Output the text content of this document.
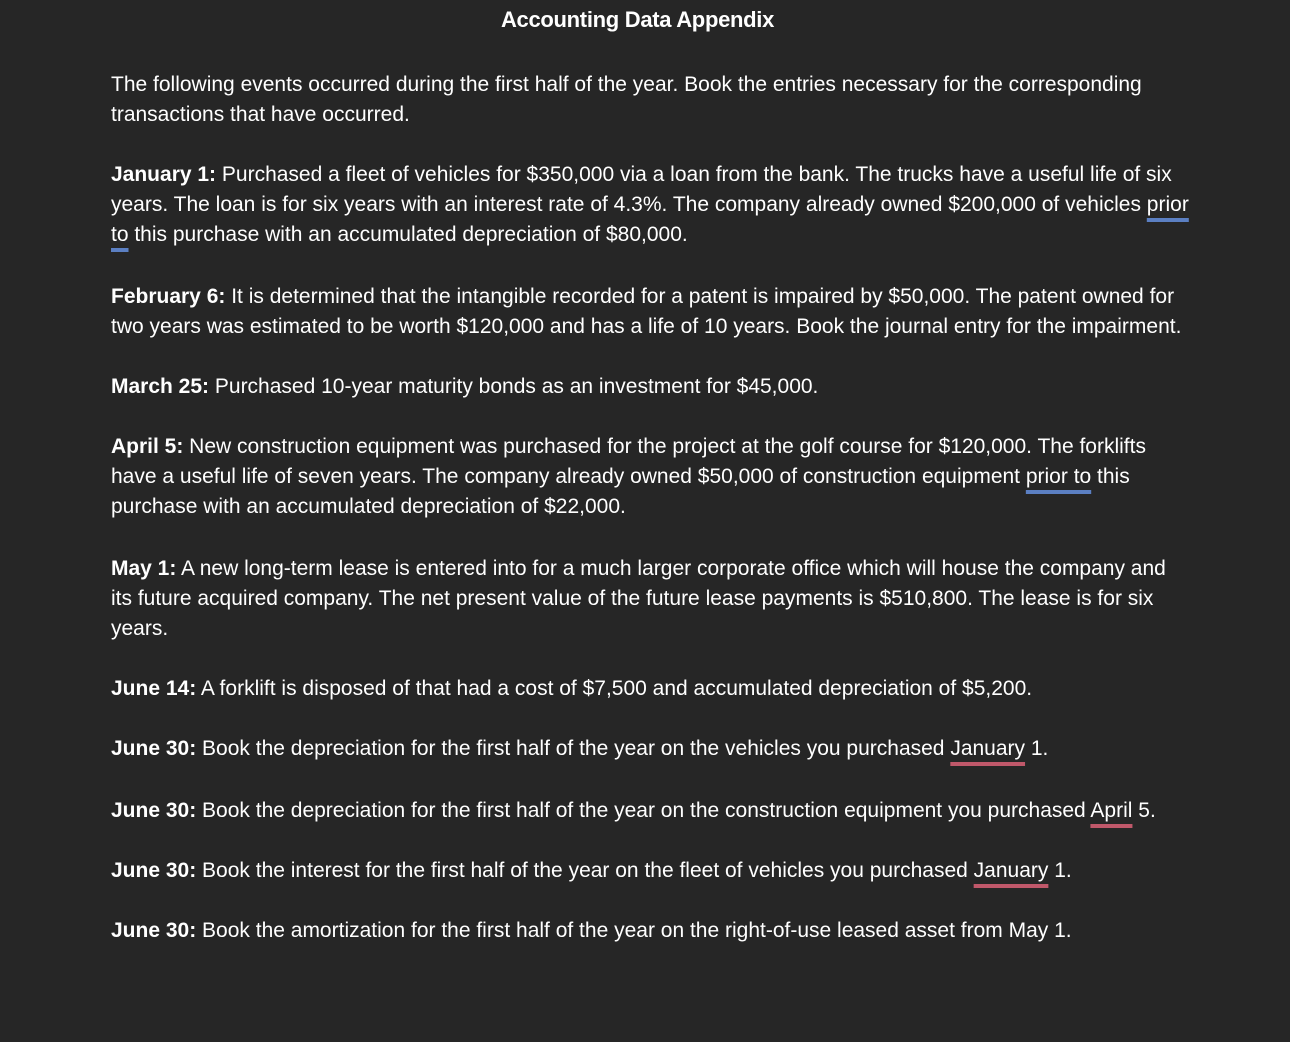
Accounting Data Appendix

The following events occurred during the first half of the year. Book the entries necessary for the corresponding transactions that have occurred.

January 1: Purchased a fleet of vehicles for $350,000 via a loan from the bank. The trucks have a useful life of six years. The loan is for six years with an interest rate of 4.3%. The company already owned $200,000 of vehicles prior to this purchase with an accumulated depreciation of $80,000.

February 6: It is determined that the intangible recorded for a patent is impaired by $50,000. The patent owned for two years was estimated to be worth $120,000 and has a life of 10 years. Book the journal entry for the impairment.

March 25: Purchased 10-year maturity bonds as an investment for $45,000.

April 5: New construction equipment was purchased for the project at the golf course for $120,000. The forklifts have a useful life of seven years. The company already owned $50,000 of construction equipment prior to this purchase with an accumulated depreciation of $22,000.

May 1: A new long-term lease is entered into for a much larger corporate office which will house the company and its future acquired company. The net present value of the future lease payments is $510,800. The lease is for six years.

June 14: A forklift is disposed of that had a cost of $7,500 and accumulated depreciation of $5,200.

June 30: Book the depreciation for the first half of the year on the vehicles you purchased January 1.

June 30: Book the depreciation for the first half of the year on the construction equipment you purchased April 5.

June 30: Book the interest for the first half of the year on the fleet of vehicles you purchased January 1.

June 30: Book the amortization for the first half of the year on the right-of-use leased asset from May 1.
